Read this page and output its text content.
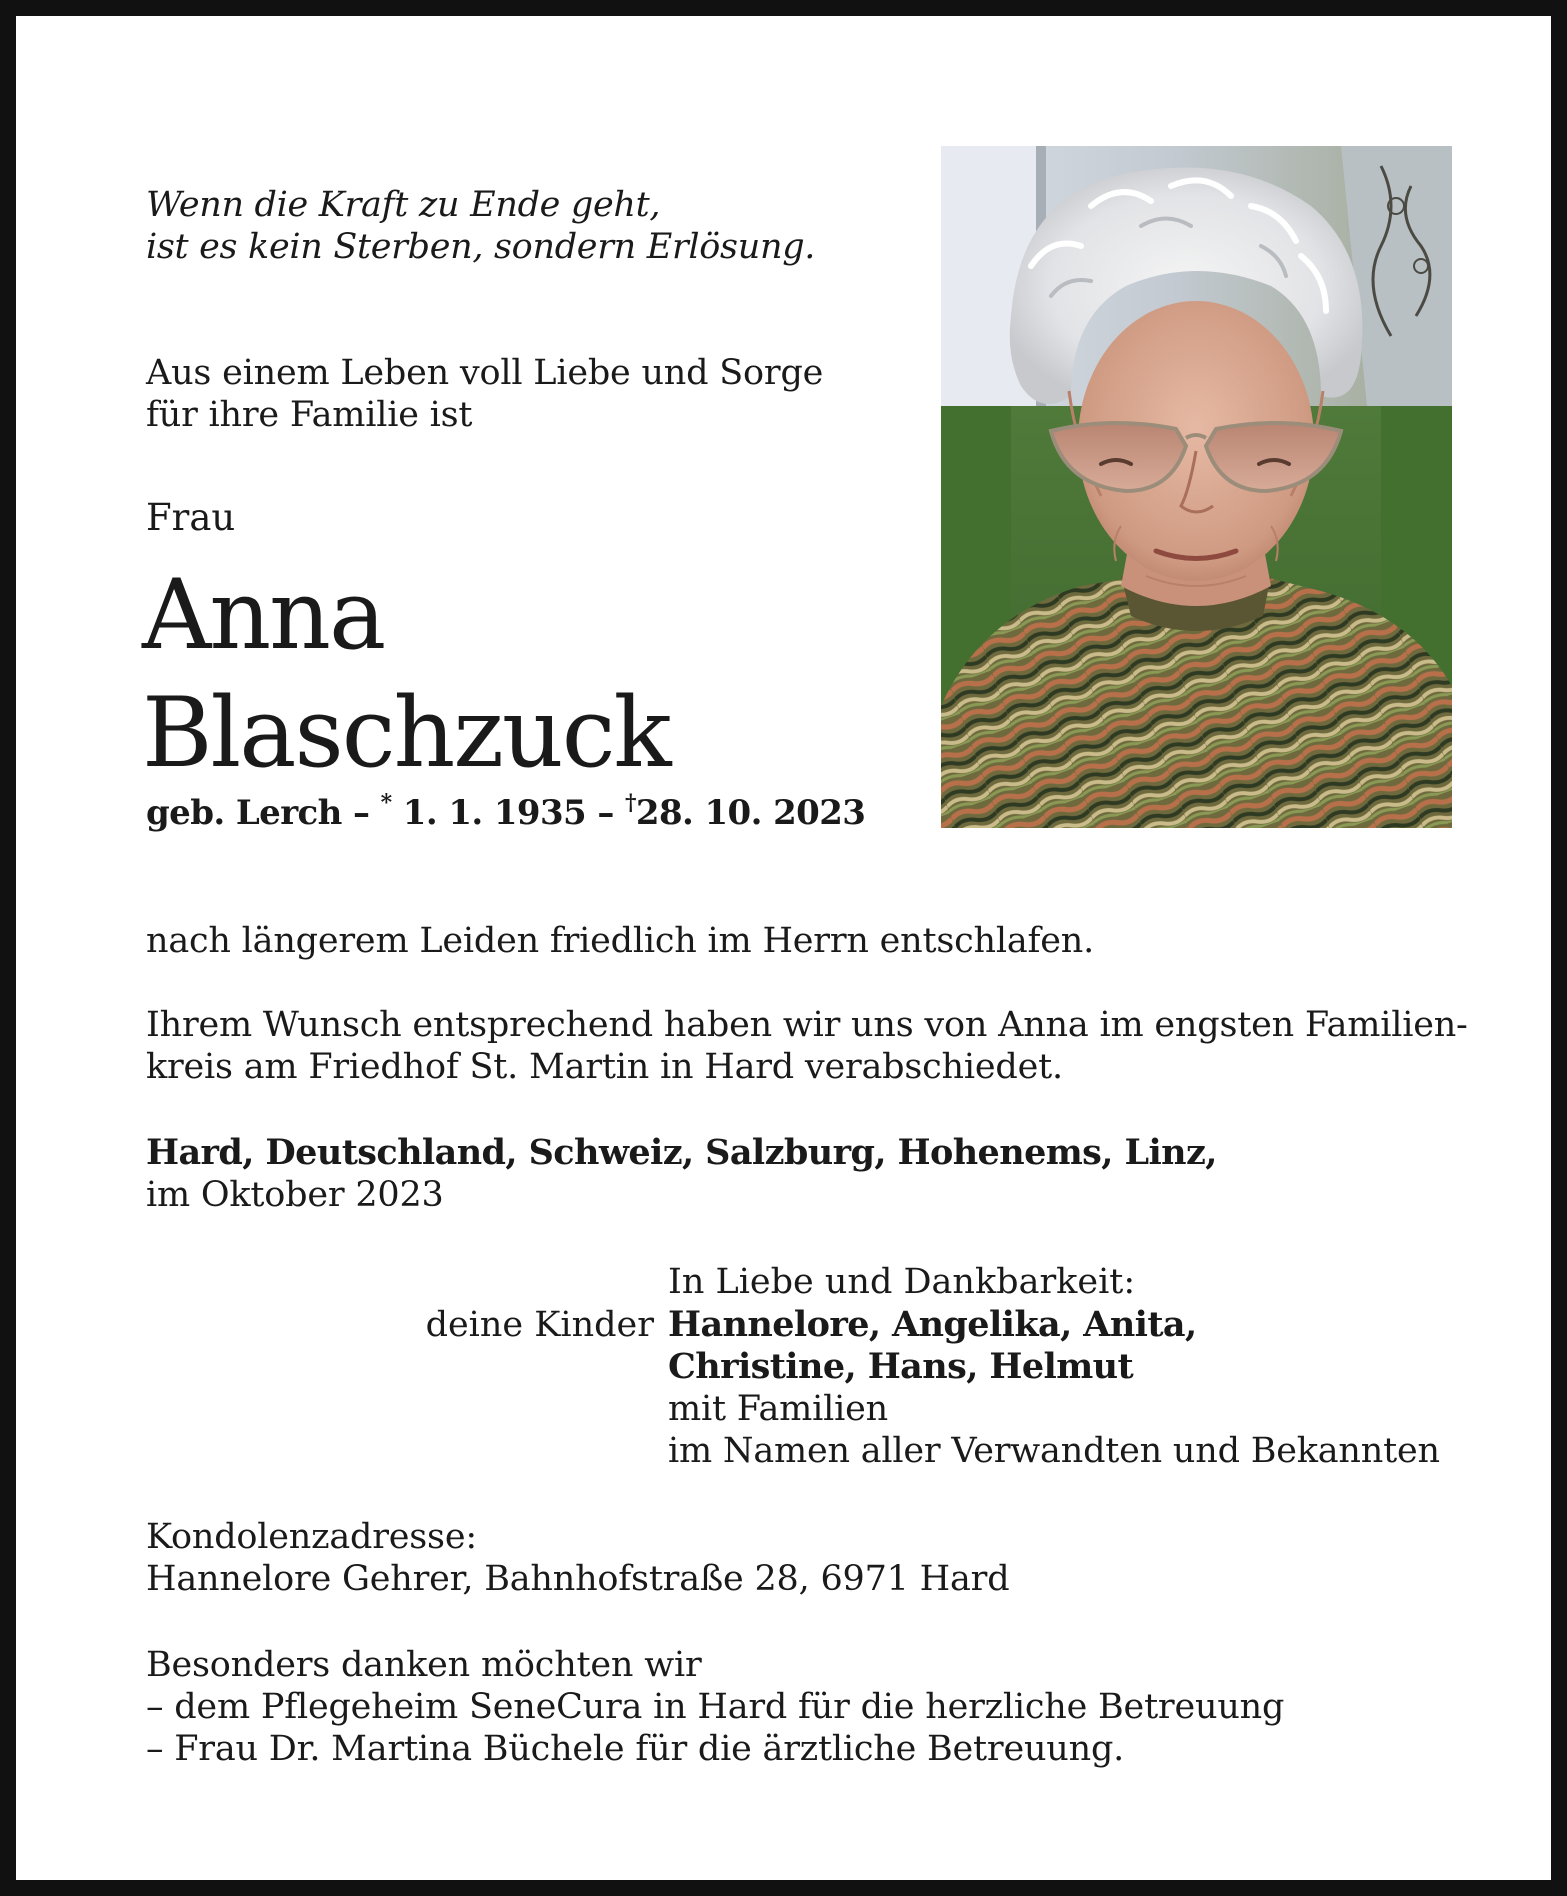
Wenn die Kraft zu Ende geht,
ist es kein Sterben, sondern Erlösung.
Aus einem Leben voll Liebe und Sorge
für ihre Familie ist
Frau
Anna
Blaschzuck
geb. Lerch – * 1. 1. 1935 – †28. 10. 2023
nach längerem Leiden friedlich im Herrn entschlafen.
Ihrem Wunsch entsprechend haben wir uns von Anna im engsten Familien-
kreis am Friedhof St. Martin in Hard verabschiedet.
Hard, Deutschland, Schweiz, Salzburg, Hohenems, Linz,
im Oktober 2023
In Liebe und Dankbarkeit:
deine Kinder Hannelore, Angelika, Anita,
Christine, Hans, Helmut
mit Familien
im Namen aller Verwandten und Bekannten
Kondolenzadresse:
Hannelore Gehrer, Bahnhofstraße 28, 6971 Hard
Besonders danken möchten wir
– dem Pflegeheim SeneCura in Hard für die herzliche Betreuung
– Frau Dr. Martina Büchele für die ärztliche Betreuung.
